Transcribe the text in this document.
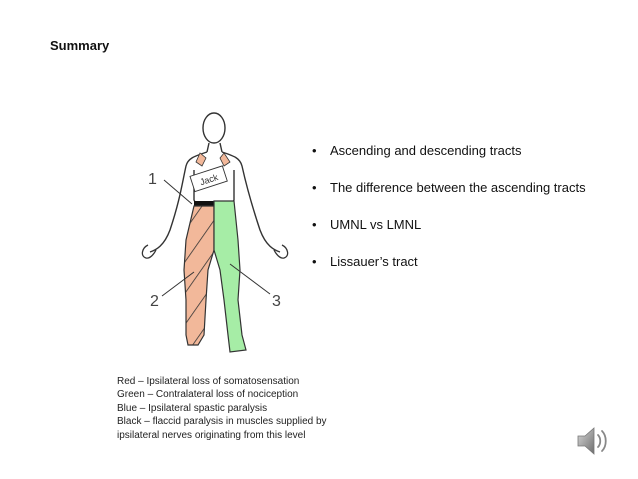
Summary
Jack
1
2	3
• Ascending and descending tracts
• The difference between the ascending tracts
• UMNL vs LMNL
• Lissauer’s tract
Red – Ipsilateral loss of somatosensation
Green – Contralateral loss of nociception
Blue – Ipsilateral spastic paralysis
Black – flaccid paralysis in muscles supplied by
ipsilateral nerves originating from this level
